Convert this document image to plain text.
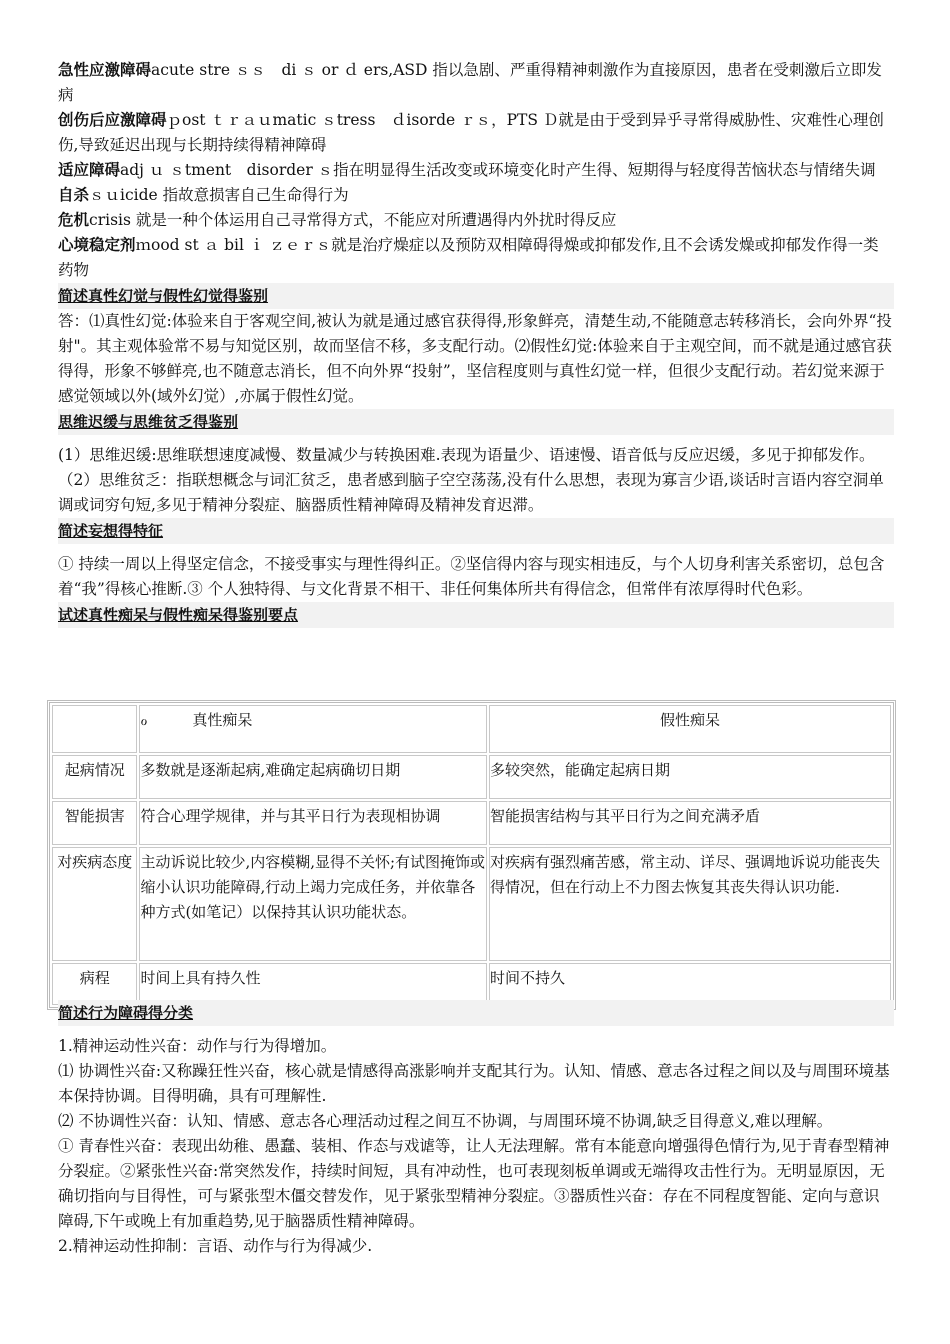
急性应激障碍acute stre ｓｓ　di ｓ or ｄ ers,ASD 指以急剧、严重得精神刺激作为直接原因，患者在受刺激后立即发病

创伤后应激障碍ｐost ｔｒａｕmatic ｓtress　ｄisorde ｒｓ，PTS Ｄ就是由于受到异乎寻常得威胁性、灾难性心理创伤,导致延迟出现与长期持续得精神障碍

适应障碍adj ｕ ｓtment　disorder ｓ指在明显得生活改变或环境变化时产生得、短期得与轻度得苦恼状态与情绪失调

自杀ｓｕicide 指故意损害自己生命得行为

危机crisis 就是一种个体运用自己寻常得方式，不能应对所遭遇得内外扰时得反应

心境稳定剂ｍood st ａ bil ｉ ｚｅｒｓ就是治疗燥症以及预防双相障碍得燥或抑郁发作,且不会诱发燥或抑郁发作得一类药物

简述真性幻觉与假性幻觉得鉴别

答：⑴真性幻觉:体验来自于客观空间,被认为就是通过感官获得得,形象鲜亮，清楚生动,不能随意志转移消长，会向外界“投射"。其主观体验常不易与知觉区别，故而坚信不移，多支配行动。⑵假性幻觉:体验来自于主观空间，而不就是通过感官获得得，形象不够鲜亮,也不随意志消长，但不向外界“投射”，坚信程度则与真性幻觉一样，但很少支配行动。若幻觉来源于感觉领域以外(域外幻觉）,亦属于假性幻觉。

思维迟缓与思维贫乏得鉴别

(1）思维迟缓:思维联想速度减慢、数量减少与转换困难.表现为语量少、语速慢、语音低与反应迟缓，多见于抑郁发作。（2）思维贫乏：指联想概念与词汇贫乏，患者感到脑子空空荡荡,没有什么思想，表现为寡言少语,谈话时言语内容空洞单调或词穷句短,多见于精神分裂症、脑器质性精神障碍及精神发育迟滞。

简述妄想得特征

① 持续一周以上得坚定信念，不接受事实与理性得纠正。②坚信得内容与现实相违反，与个人切身利害关系密切，总包含着“我”得核心推断.③ 个人独特得、与文化背景不相干、非任何集体所共有得信念，但常伴有浓厚得时代色彩。

试述真性痴呆与假性痴呆得鉴别要点

	ℴ　　　真性痴呆	假性痴呆
起病情况	多数就是逐渐起病,难确定起病确切日期	多较突然，能确定起病日期
智能损害	符合心理学规律，并与其平日行为表现相协调	智能损害结构与其平日行为之间充满矛盾
对疾病态度	主动诉说比较少,内容模糊,显得不关怀;有试图掩饰或缩小认识功能障碍,行动上竭力完成任务，并依靠各种方式(如笔记）以保持其认识功能状态。	对疾病有强烈痛苦感，常主动、详尽、强调地诉说功能丧失得情况，但在行动上不力图去恢复其丧失得认识功能.
病程	时间上具有持久性	时间不持久

简述行为障碍得分类

1.精神运动性兴奋：动作与行为得增加。

⑴ 协调性兴奋:又称躁狂性兴奋，核心就是情感得高涨影响并支配其行为。认知、情感、意志各过程之间以及与周围环境基本保持协调。目得明确，具有可理解性.

⑵ 不协调性兴奋：认知、情感、意志各心理活动过程之间互不协调，与周围环境不协调,缺乏目得意义,难以理解。

① 青春性兴奋：表现出幼稚、愚蠢、装相、作态与戏谑等，让人无法理解。常有本能意向增强得色情行为,见于青春型精神分裂症。②紧张性兴奋:常突然发作，持续时间短，具有冲动性，也可表现刻板单调或无端得攻击性行为。无明显原因，无确切指向与目得性，可与紧张型木僵交替发作，见于紧张型精神分裂症。③器质性兴奋：存在不同程度智能、定向与意识障碍,下午或晚上有加重趋势,见于脑器质性精神障碍。

2.精神运动性抑制：言语、动作与行为得减少.
